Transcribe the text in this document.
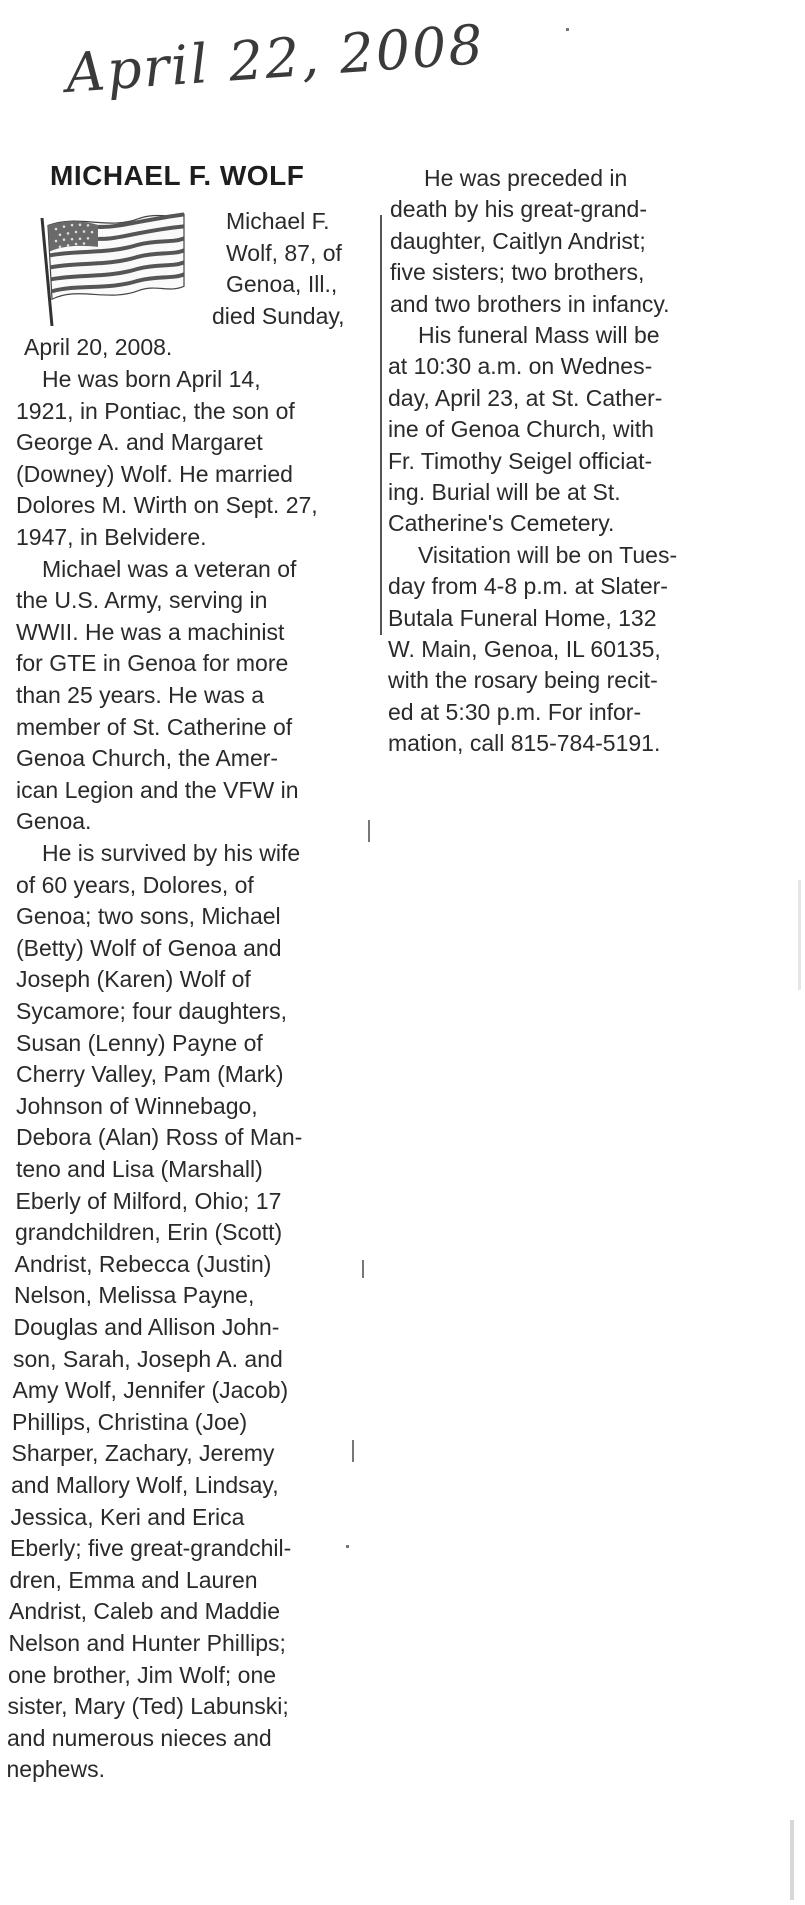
April 22, 2008
MICHAEL F. WOLF
Michael F.
Wolf, 87, of
Genoa, Ill.,
died Sunday,
April 20, 2008.
He was born April 14,
1921, in Pontiac, the son of
George A. and Margaret
(Downey) Wolf. He married
Dolores M. Wirth on Sept. 27,
1947, in Belvidere.
Michael was a veteran of
the U.S. Army, serving in
WWII. He was a machinist
for GTE in Genoa for more
than 25 years. He was a
member of St. Catherine of
Genoa Church, the Amer-
ican Legion and the VFW in
Genoa.
He is survived by his wife
of 60 years, Dolores, of
Genoa; two sons, Michael
(Betty) Wolf of Genoa and
Joseph (Karen) Wolf of
Sycamore; four daughters,
Susan (Lenny) Payne of
Cherry Valley, Pam (Mark)
Johnson of Winnebago,
Debora (Alan) Ross of Man-
teno and Lisa (Marshall)
Eberly of Milford, Ohio; 17
grandchildren, Erin (Scott)
Andrist, Rebecca (Justin)
Nelson, Melissa Payne,
Douglas and Allison John-
son, Sarah, Joseph A. and
Amy Wolf, Jennifer (Jacob)
Phillips, Christina (Joe)
Sharper, Zachary, Jeremy
and Mallory Wolf, Lindsay,
Jessica, Keri and Erica
Eberly; five great-grandchil-
dren, Emma and Lauren
Andrist, Caleb and Maddie
Nelson and Hunter Phillips;
one brother, Jim Wolf; one
sister, Mary (Ted) Labunski;
and numerous nieces and
nephews.
He was preceded in
death by his great-grand-
daughter, Caitlyn Andrist;
five sisters; two brothers,
and two brothers in infancy.
His funeral Mass will be
at 10:30 a.m. on Wednes-
day, April 23, at St. Cather-
ine of Genoa Church, with
Fr. Timothy Seigel officiat-
ing. Burial will be at St.
Catherine's Cemetery.
Visitation will be on Tues-
day from 4-8 p.m. at Slater-
Butala Funeral Home, 132
W. Main, Genoa, IL 60135,
with the rosary being recit-
ed at 5:30 p.m. For infor-
mation, call 815-784-5191.
